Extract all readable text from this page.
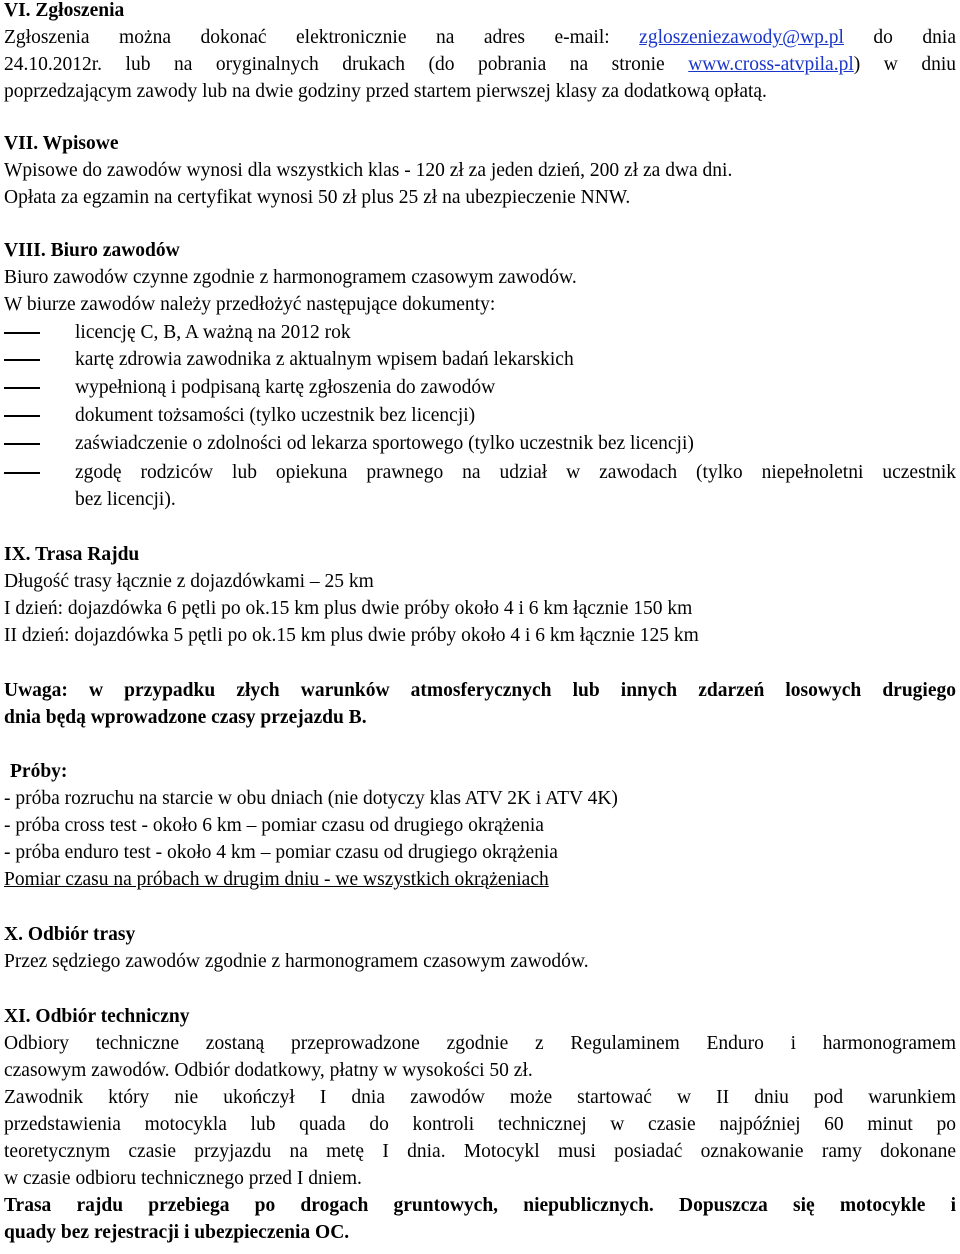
VI. Zgłoszenia
Zgłoszenia można dokonać elektronicznie na adres e-mail: zgloszeniezawody@wp.pl do dnia
24.10.2012r. lub na oryginalnych drukach (do pobrania na stronie www.cross-atvpila.pl) w dniu
poprzedzającym zawody lub na dwie godziny przed startem pierwszej klasy za dodatkową opłatą.
VII. Wpisowe
Wpisowe do zawodów wynosi dla wszystkich klas - 120 zł za jeden dzień, 200 zł za dwa dni.
Opłata za egzamin na certyfikat wynosi 50 zł plus 25 zł na ubezpieczenie NNW.
VIII. Biuro zawodów
Biuro zawodów czynne zgodnie z harmonogramem czasowym zawodów.
W biurze zawodów należy przedłożyć następujące dokumenty:
licencję C, B, A ważną na 2012 rok
kartę zdrowia zawodnika z aktualnym wpisem badań lekarskich
wypełnioną i podpisaną kartę zgłoszenia do zawodów
dokument tożsamości (tylko uczestnik bez licencji)
zaświadczenie o zdolności od lekarza sportowego (tylko uczestnik bez licencji)
zgodę rodziców lub opiekuna prawnego na udział w zawodach (tylko niepełnoletni uczestnik
bez licencji).
IX. Trasa Rajdu
Długość trasy łącznie z dojazdówkami – 25 km
I dzień: dojazdówka 6 pętli po ok.15 km plus dwie próby około 4 i 6 km łącznie 150 km
II dzień: dojazdówka 5 pętli po ok.15 km plus dwie próby około 4 i 6 km łącznie 125 km
Uwaga: w przypadku złych warunków atmosferycznych lub innych zdarzeń losowych drugiego
dnia będą wprowadzone czasy przejazdu B.
Próby:
- próba rozruchu na starcie w obu dniach (nie dotyczy klas ATV 2K i ATV 4K)
- próba cross test - około 6 km – pomiar czasu od drugiego okrążenia
- próba enduro test - około 4 km – pomiar czasu od drugiego okrążenia
Pomiar czasu na próbach w drugim dniu - we wszystkich okrążeniach
X. Odbiór trasy
Przez sędziego zawodów zgodnie z harmonogramem czasowym zawodów.
XI. Odbiór techniczny
Odbiory techniczne zostaną przeprowadzone zgodnie z Regulaminem Enduro i harmonogramem
czasowym zawodów. Odbiór dodatkowy, płatny w wysokości 50 zł.
Zawodnik który nie ukończył I dnia zawodów może startować w II dniu pod warunkiem
przedstawienia motocykla lub quada do kontroli technicznej w czasie najpóźniej 60 minut po
teoretycznym czasie przyjazdu na metę I dnia. Motocykl musi posiadać oznakowanie ramy dokonane
w czasie odbioru technicznego przed I dniem.
Trasa rajdu przebiega po drogach gruntowych, niepublicznych. Dopuszcza się motocykle i
quady bez rejestracji i ubezpieczenia OC.
